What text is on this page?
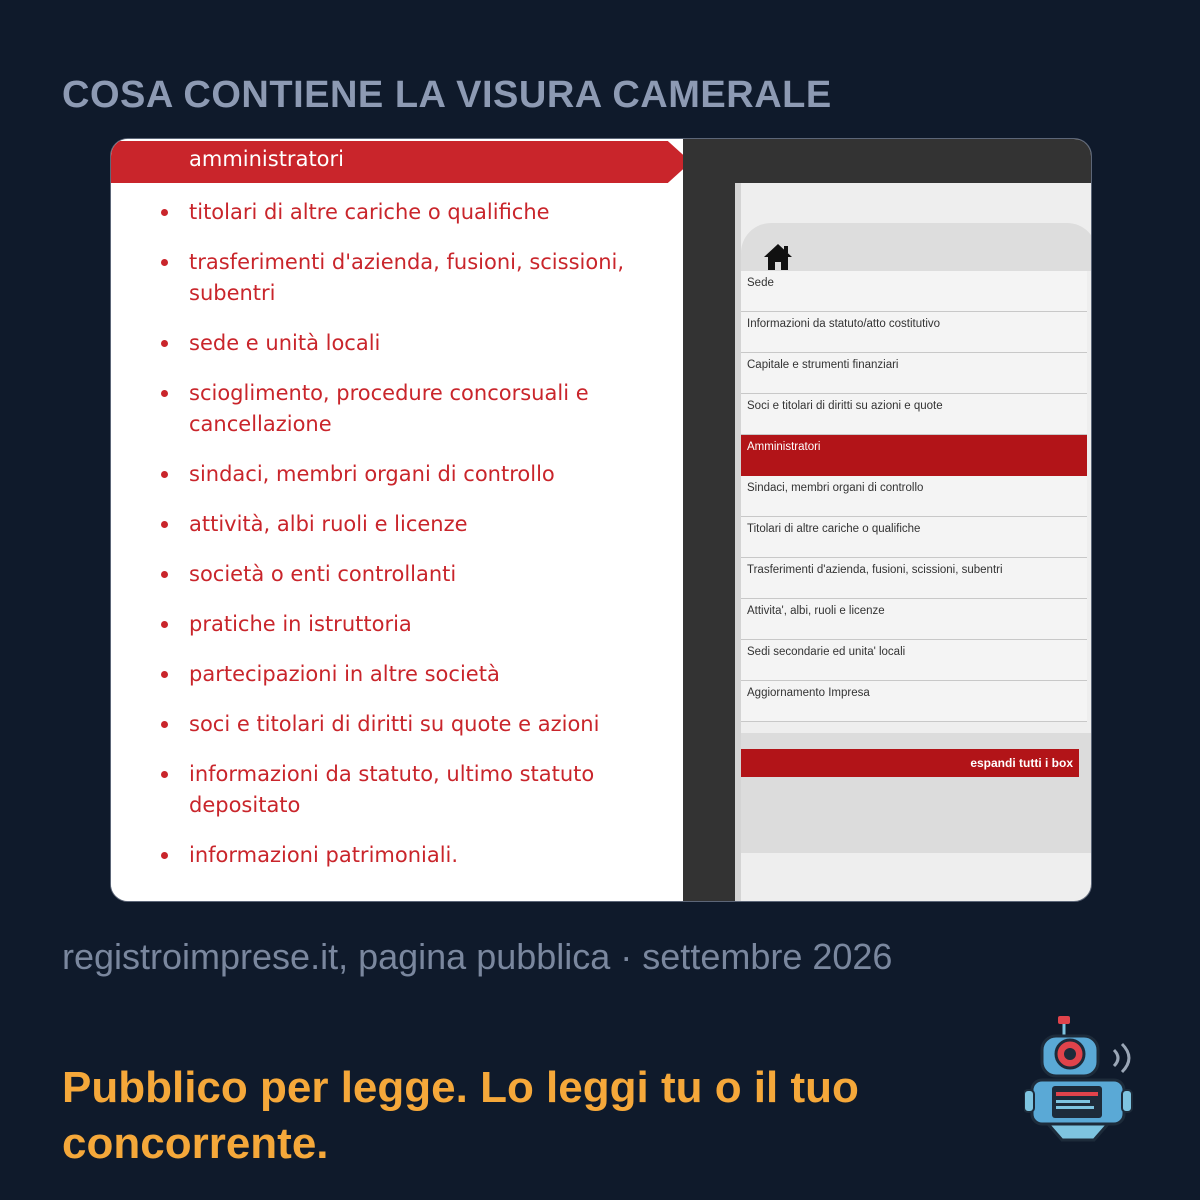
COSA CONTIENE LA VISURA CAMERALE
amministratori
titolari di altre cariche o qualifiche
trasferimenti d'azienda, fusioni, scissioni, subentri
sede e unità locali
scioglimento, procedure concorsuali e cancellazione
sindaci, membri organi di controllo
attività, albi ruoli e licenze
società o enti controllanti
pratiche in istruttoria
partecipazioni in altre società
soci e titolari di diritti su quote e azioni
informazioni da statuto, ultimo statuto depositato
informazioni patrimoniali.
Sede
Informazioni da statuto/atto costitutivo
Capitale e strumenti finanziari
Soci e titolari di diritti su azioni e quote
Amministratori
Sindaci, membri organi di controllo
Titolari di altre cariche o qualifiche
Trasferimenti d'azienda, fusioni, scissioni, subentri
Attivita', albi, ruoli e licenze
Sedi secondarie ed unita' locali
Aggiornamento Impresa
espandi tutti i box
registroimprese.it, pagina pubblica · settembre 2026

Pubblico per legge. Lo leggi tu o il tuo concorrente.
